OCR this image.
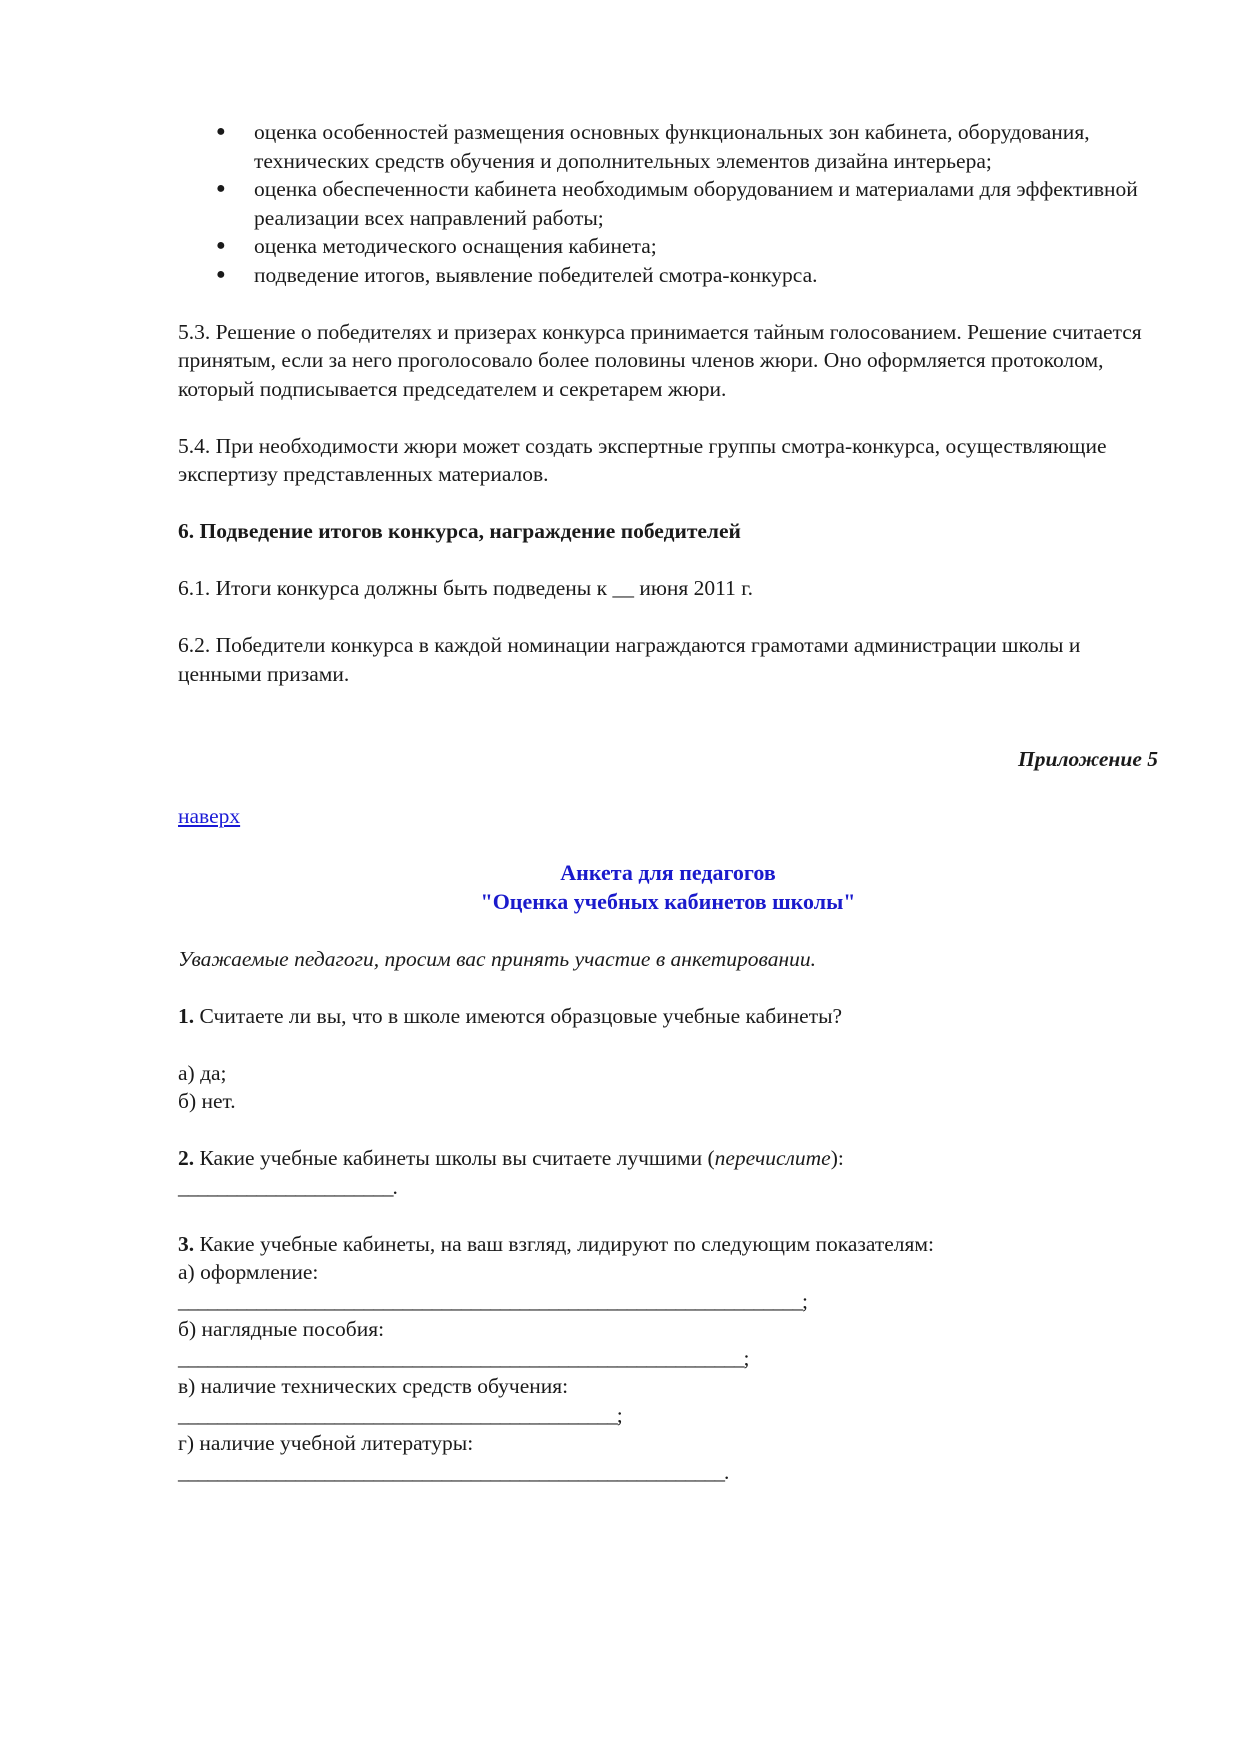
● оценка особенностей размещения основных функциональных зон кабинета, оборудования, технических средств обучения и дополнительных элементов дизайна интерьера;
● оценка обеспеченности кабинета необходимым оборудованием и материалами для эффективной реализации всех направлений работы;
● оценка методического оснащения кабинета;
● подведение итогов, выявление победителей смотра-конкурса.

5.3. Решение о победителях и призерах конкурса принимается тайным голосованием. Решение считается принятым, если за него проголосовало более половины членов жюри. Оно оформляется протоколом, который подписывается председателем и секретарем жюри.

5.4. При необходимости жюри может создать экспертные группы смотра-конкурса, осуществляющие экспертизу представленных материалов.

6. Подведение итогов конкурса, награждение победителей

6.1. Итоги конкурса должны быть подведены к __ июня 2011 г.

6.2. Победители конкурса в каждой номинации награждаются грамотами администрации школы и ценными призами.

Приложение 5

наверх

Анкета для педагогов

"Оценка учебных кабинетов школы"

Уважаемые педагоги, просим вас принять участие в анкетировании.

1. Считаете ли вы, что в школе имеются образцовые учебные кабинеты?

а) да;

б) нет.

2. Какие учебные кабинеты школы вы считаете лучшими (перечислите):

______________________.

3. Какие учебные кабинеты, на ваш взгляд, лидируют по следующим показателям:

а) оформление:

________________________________________________________________;

б) наглядные пособия:

__________________________________________________________;

в) наличие технических средств обучения:

_____________________________________________;

г) наличие учебной литературы:

________________________________________________________.
